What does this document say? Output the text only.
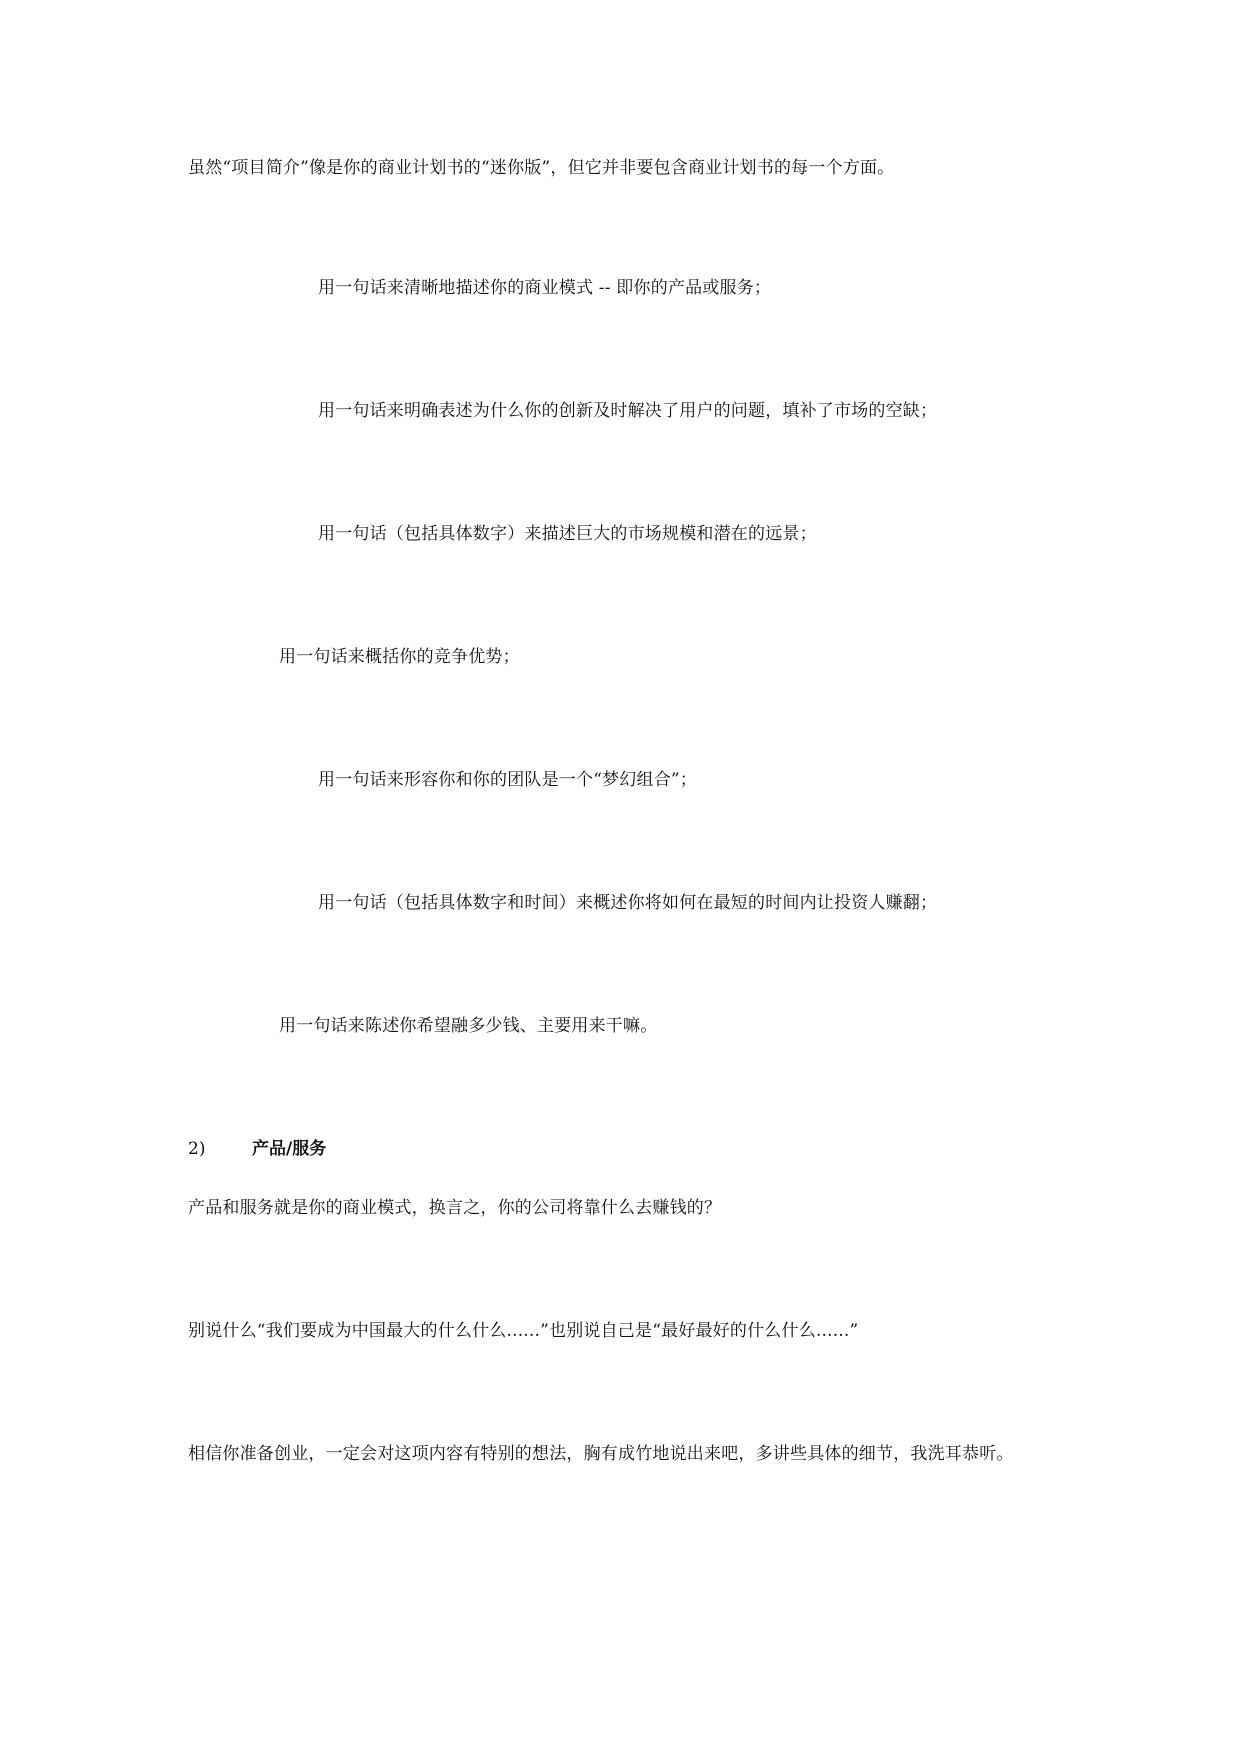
虽然“项目简介”像是你的商业计划书的“迷你版”，但它并非要包含商业计划书的每一个方面。
用一句话来清晰地描述你的商业模式 -- 即你的产品或服务；
用一句话来明确表述为什么你的创新及时解决了用户的问题，填补了市场的空缺；
用一句话（包括具体数字）来描述巨大的市场规模和潜在的远景；
用一句话来概括你的竞争优势；
用一句话来形容你和你的团队是一个“梦幻组合”；
用一句话（包括具体数字和时间）来概述你将如何在最短的时间内让投资人赚翻；
用一句话来陈述你希望融多少钱、主要用来干嘛。
2)	产品/服务
产品和服务就是你的商业模式，换言之，你的公司将靠什么去赚钱的？
别说什么“我们要成为中国最大的什么什么......”也别说自己是“最好最好的什么什么......”
相信你准备创业，一定会对这项内容有特别的想法，胸有成竹地说出来吧，多讲些具体的细节，我洗耳恭听。
